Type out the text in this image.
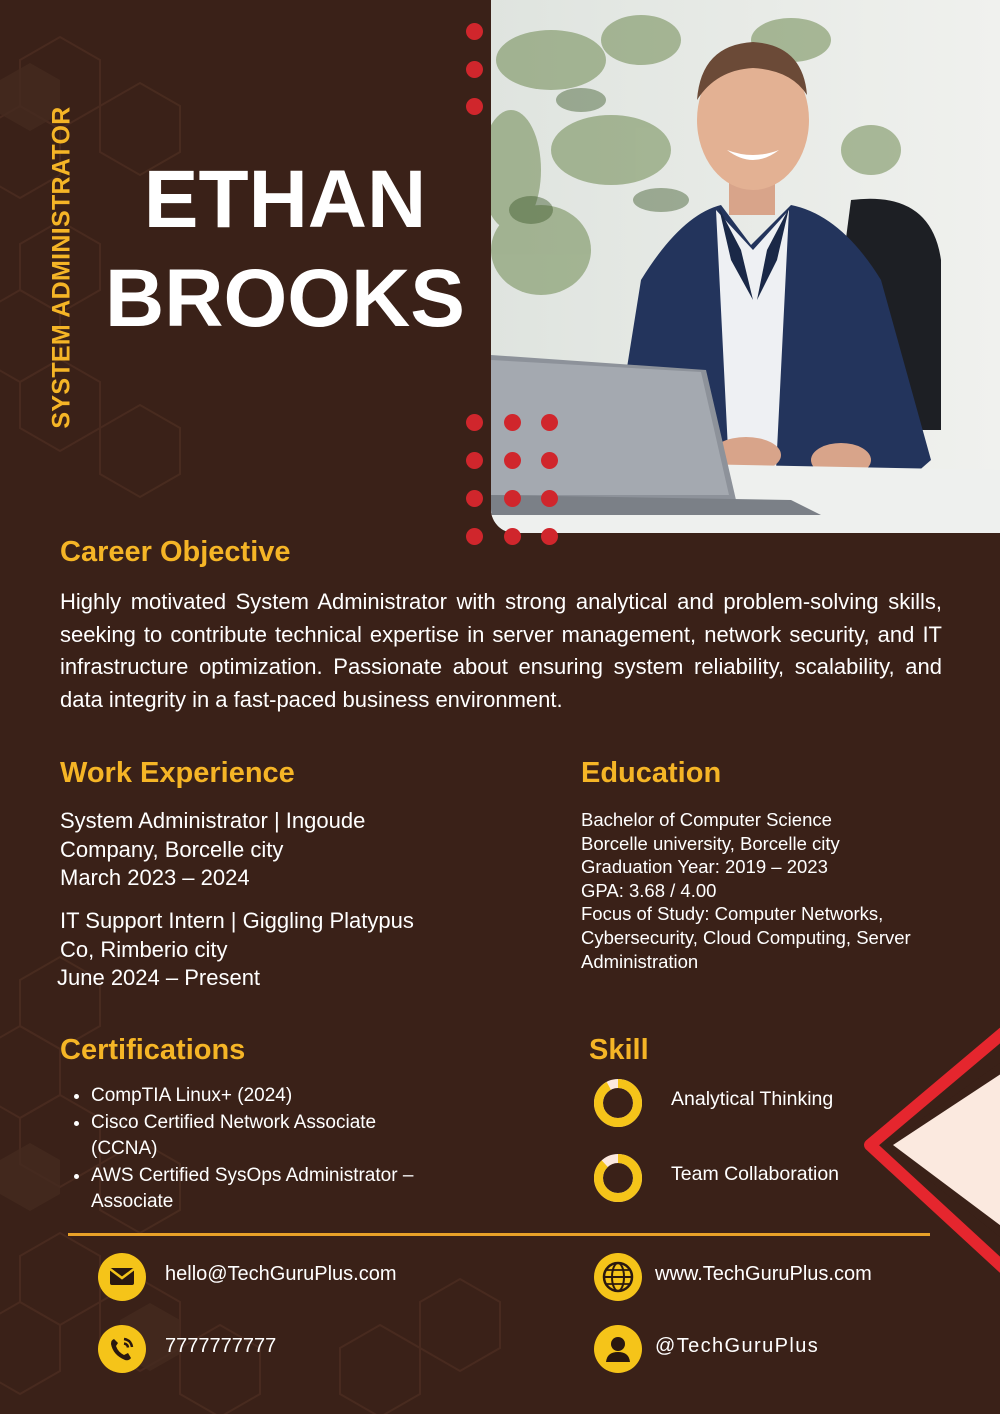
SYSTEM ADMINISTRATOR ETHAN
BROOKS
Career Objective

Highly motivated System Administrator with strong analytical and problem-solving skills, seeking to contribute technical expertise in server management, network security, and IT infrastructure optimization. Passionate about ensuring system reliability, scalability, and data integrity in a fast-paced business environment.

Work Experience
System Administrator | Ingoude
Company, Borcelle city
March 2023 – 2024
IT Support Intern | Giggling Platypus
Co, Rimberio city
June 2024 – Present
Education
Bachelor of Computer Science
Borcelle university, Borcelle city
Graduation Year: 2019 – 2023
GPA: 3.68 / 4.00
Focus of Study: Computer Networks,
Cybersecurity, Cloud Computing, Server
Administration
Certifications
• CompTIA Linux+ (2024)
• Cisco Certified Network Associate (CCNA)
• AWS Certified SysOps Administrator – Associate
Skill
Analytical Thinking
Team Collaboration
hello@TechGuruPlus.com
7777777777
www.TechGuruPlus.com
@TechGuruPlus
